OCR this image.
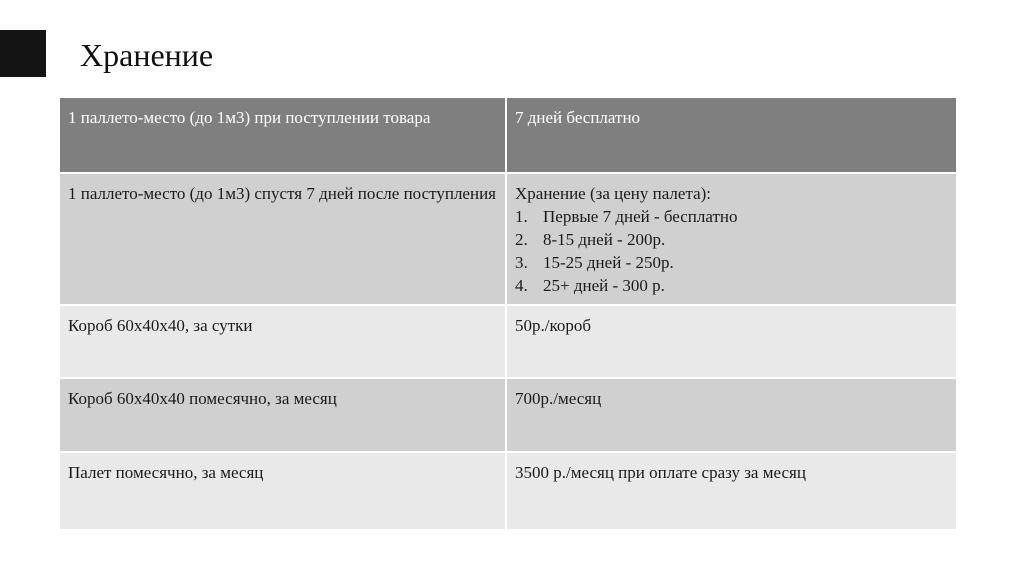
Хранение
1 паллето-место (до 1м3) при поступлении товара	7 дней бесплатно
1 паллето-место (до 1м3) спустя 7 дней после поступления	Хранение (за цену палета):
1. Первые 7 дней - бесплатно
2. 8-15 дней - 200р.
3. 15-25 дней - 250р.
4. 25+ дней - 300 р.
Короб 60х40х40, за сутки	50р./короб
Короб 60х40х40 помесячно, за месяц	700р./месяц
Палет помесячно, за месяц	3500 р./месяц при оплате сразу за месяц
